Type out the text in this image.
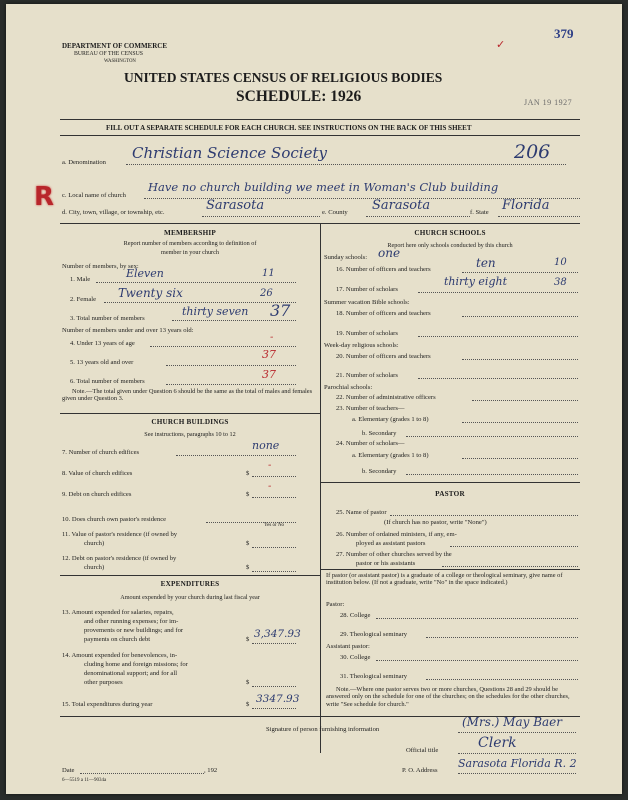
DEPARTMENT OF COMMERCE
BUREAU OF THE CENSUS
WASHINGTON
UNITED STATES CENSUS OF RELIGIOUS BODIES
SCHEDULE: 1926
379
JAN 19 1927
✓
FILL OUT A SEPARATE SCHEDULE FOR EACH CHURCH. SEE INSTRUCTIONS ON THE BACK OF THIS SHEET
a. Denomination
Christian Science Society	206
R c. Local name of church
Have no church building we meet in Woman's Club building
d. City, town, village, or township, etc.	Sarasota	e. County Sarasota	f. State Florida
MEMBERSHIP
Report number of members according to definition of
member in your church
Number of members, by sex:
1. Male	Eleven	11
2. Female Twenty six	26
3. Total number of members
thirty seven 37
Number of members under and over 13 years old:
4. Under 13 years of age
-
5. 13 years old and over
37
6. Total number of members
37
Note.—The total given under Question 6 should be the same as the total of males and females given under Question 3.
CHURCH BUILDINGS
See instructions, paragraphs 10 to 12
7. Number of church edifices
none
8. Value of church edifices	$
-
9. Debt on church edifices	$
-
10. Does church own pastor's residence
Yes or No
11. Value of pastor's residence (if owned by
church)	$
12. Debt on pastor's residence (if owned by
church)	$
EXPENDITURES
Amount expended by your church during last fiscal year
13. Amount expended for salaries, repairs,
and other running expenses; for im-
provements or new buildings; and for
payments on church debt	$ 3,347.93
14. Amount expended for benevolences, in-
cluding home and foreign missions; for
denominational support; and for all
other purposes	$
15. Total expenditures during year	$ 3347.93
CHURCH SCHOOLS
Report here only schools conducted by this church
Sunday schools: one
16. Number of officers and teachers	ten	10
17. Number of scholars
thirty eight	38
Summer vacation Bible schools:
18. Number of officers and teachers
19. Number of scholars
Week-day religious schools:
20. Number of officers and teachers
21. Number of scholars
Parochial schools:
22. Number of administrative officers
23. Number of teachers—
a. Elementary (grades 1 to 8)
b. Secondary
24. Number of scholars—
a. Elementary (grades 1 to 8)
b. Secondary
PASTOR
25. Name of pastor
(If church has no pastor, write "None")
26. Number of ordained ministers, if any, em-
ployed as assistant pastors
27. Number of other churches served by the
pastor or his assistants
If pastor (or assistant pastor) is a graduate of a college or theological seminary, give name of institution below. (If not a graduate, write "No" in the space indicated.)
Pastor:
28. College
29. Theological seminary
Assistant pastor:
30. College
31. Theological seminary
Note.—Where one pastor serves two or more churches, Questions 28 and 29 should be answered only on the schedule for one of the churches; on the schedules for the other churches, write "See schedule for church."
Signature of person furnishing information
(Mrs.) May Baer
Official title	Clerk
Date	, 192
6—5519 a 11—9034a
P. O. Address
Sarasota Florida R. 2
